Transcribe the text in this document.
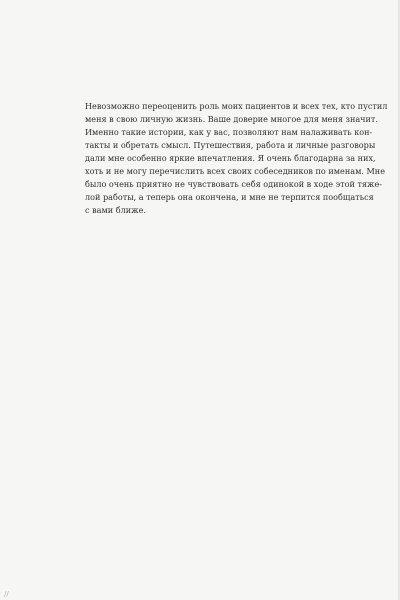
Невозможно переоценить роль моих пациентов и всех тех, кто пустил
меня в свою личную жизнь. Ваше доверие многое для меня значит.
Именно такие истории, как у вас, позволяют нам налаживать кон-
такты и обретать смысл. Путешествия, работа и личные разговоры
дали мне особенно яркие впечатления. Я очень благодарна за них,
хоть и не могу перечислить всех своих собеседников по именам. Мне
было очень приятно не чувствовать себя одинокой в ходе этой тяже-
лой работы, а теперь она окончена, и мне не терпится пообщаться
с вами ближе.

//
